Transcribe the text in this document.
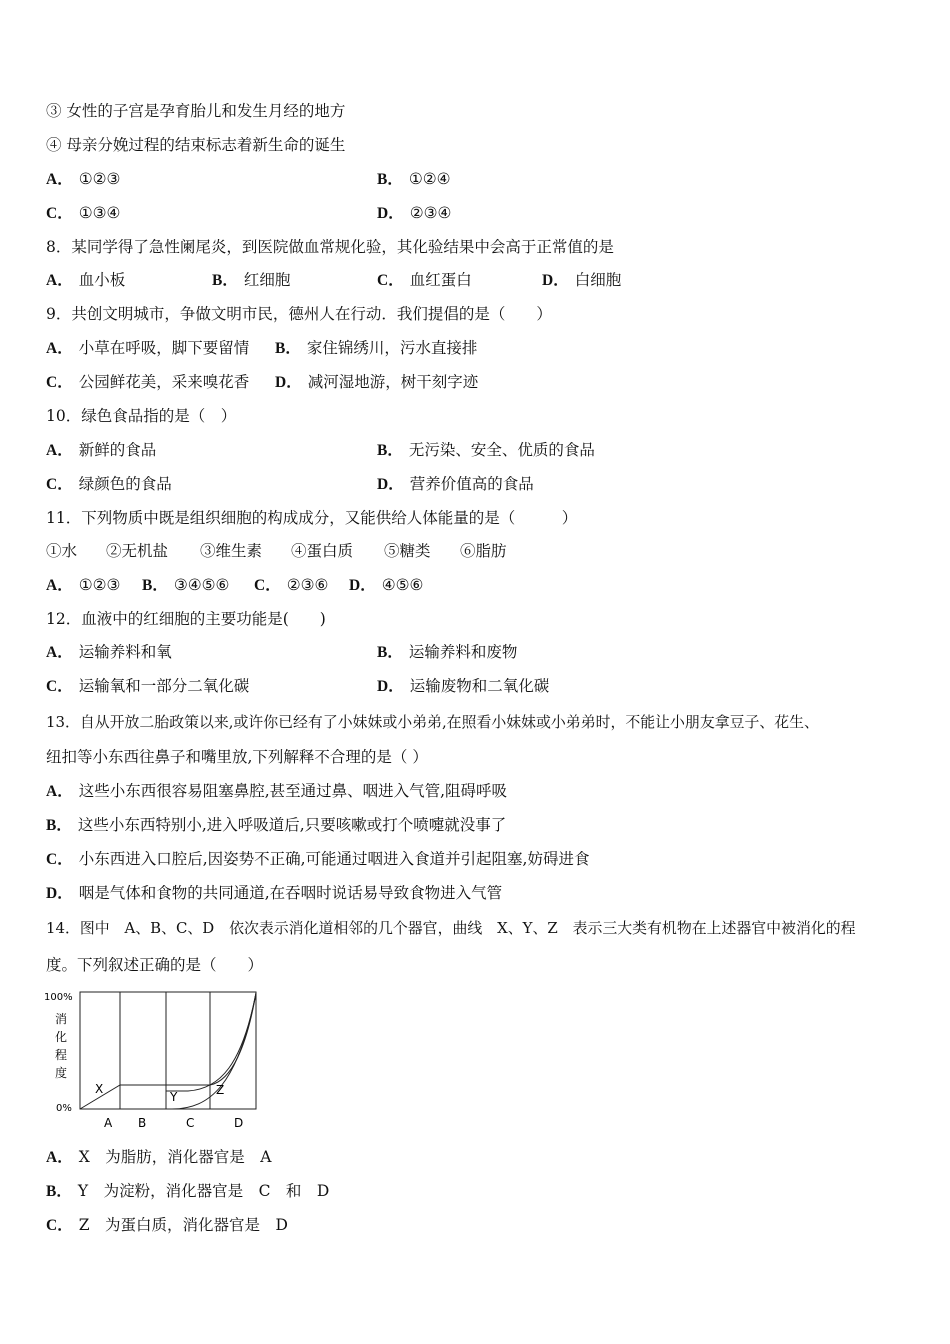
③ 女性的子宫是孕育胎儿和发生月经的地方
④ 母亲分娩过程的结束标志着新生命的诞生
A． ①②③	B． ①②④
C． ①③④	D． ②③④
8．某同学得了急性阑尾炎，到医院做血常规化验，其化验结果中会高于正常值的是
A． 血小板	B． 红细胞	C． 血红蛋白	D． 白细胞
9．共创文明城市，争做文明市民，德州人在行动．我们提倡的是（　　）
A． 小草在呼吸，脚下要留情 B． 家住锦绣川，污水直接排
C． 公园鲜花美，采来嗅花香 D． 减河湿地游，树干刻字迹
10．绿色食品指的是（　）
A． 新鲜的食品	B． 无污染、安全、优质的食品
C． 绿颜色的食品	D． 营养价值高的食品
11．下列物质中既是组织细胞的构成成分，又能供给人体能量的是（　　　）
①水 ②无机盐 ③维生素 ④蛋白质 ⑤糖类 ⑥脂肪
A． ①②③ B． ③④⑤⑥ C． ②③⑥ D． ④⑤⑥
12．血液中的红细胞的主要功能是(　　)
A． 运输养料和氧	B． 运输养料和废物
C． 运输氧和一部分二氧化碳	D． 运输废物和二氧化碳
13．自从开放二胎政策以来,或许你已经有了小妹妹或小弟弟,在照看小妹妹或小弟弟时，不能让小朋友拿豆子、花生、
纽扣等小东西往鼻子和嘴里放,下列解释不合理的是（ ）
A． 这些小东西很容易阻塞鼻腔,甚至通过鼻、咽进入气管,阻碍呼吸
B． 这些小东西特别小,进入呼吸道后,只要咳嗽或打个喷嚏就没事了
C． 小东西进入口腔后,因姿势不正确,可能通过咽进入食道并引起阻塞,妨碍进食
D． 咽是气体和食物的共同通道,在吞咽时说话易导致食物进入气管
14．图中　A、B、C、D　依次表示消化道相邻的几个器官，曲线　X、Y、Z　表示三大类有机物在上述器官中被消化的程
度。下列叙述正确的是（　　）
100%
消
化
程
度
0%
X
Y	Z
A B	C	D
A． X　为脂肪，消化器官是　A
B． Y　为淀粉，消化器官是　C　和　D
C． Z　为蛋白质，消化器官是　D
